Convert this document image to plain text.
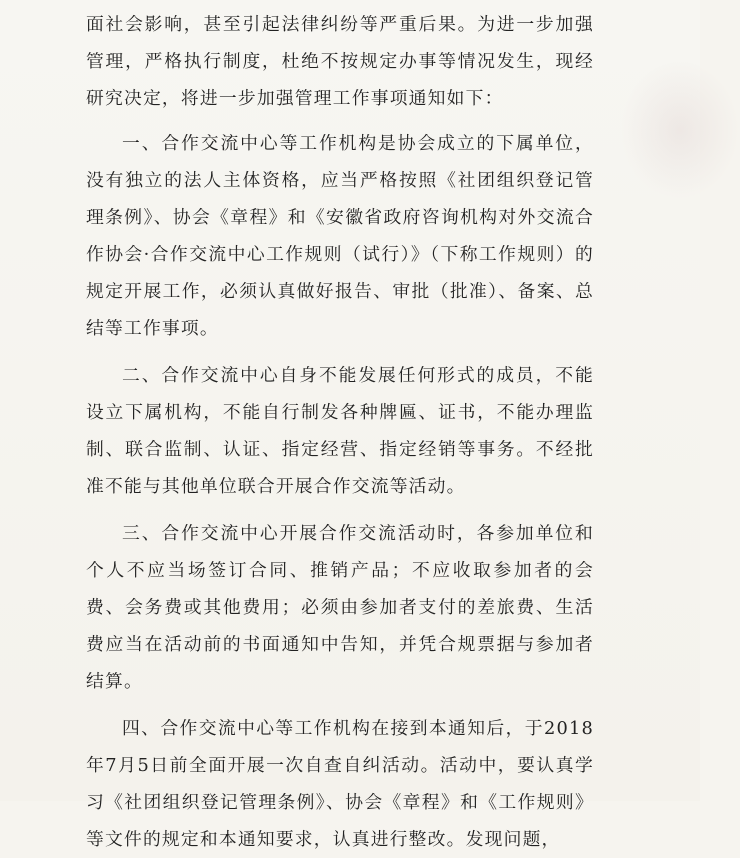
面社会影响，甚至引起法律纠纷等严重后果。为进一步加强管理，严格执行制度，杜绝不按规定办事等情况发生，现经研究决定，将进一步加强管理工作事项通知如下：

一、合作交流中心等工作机构是协会成立的下属单位，没有独立的法人主体资格，应当严格按照《社团组织登记管理条例》、协会《章程》和《安徽省政府咨询机构对外交流合作协会·合作交流中心工作规则（试行）》（下称工作规则）的规定开展工作，必须认真做好报告、审批（批准）、备案、总结等工作事项。

二、合作交流中心自身不能发展任何形式的成员，不能设立下属机构，不能自行制发各种牌匾、证书，不能办理监制、联合监制、认证、指定经营、指定经销等事务。不经批准不能与其他单位联合开展合作交流等活动。

三、合作交流中心开展合作交流活动时，各参加单位和个人不应当场签订合同、推销产品；不应收取参加者的会费、会务费或其他费用；必须由参加者支付的差旅费、生活费应当在活动前的书面通知中告知，并凭合规票据与参加者结算。

四、合作交流中心等工作机构在接到本通知后，于2018年7月5日前全面开展一次自查自纠活动。活动中，要认真学习《社团组织登记管理条例》、协会《章程》和《工作规则》等文件的规定和本通知要求，认真进行整改。发现问题，
